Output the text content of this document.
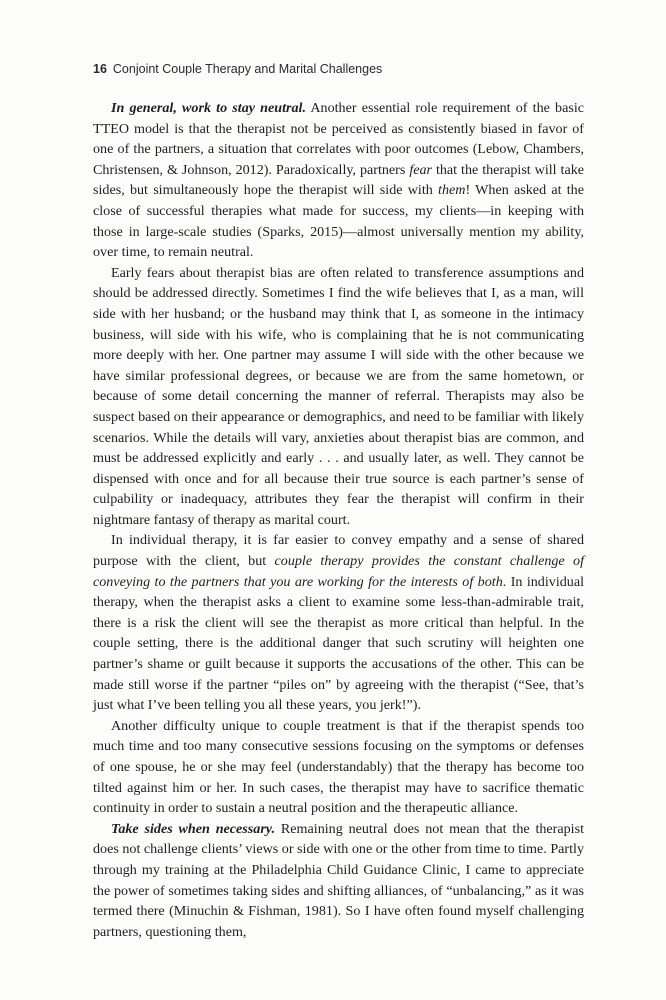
16 Conjoint Couple Therapy and Marital Challenges

In general, work to stay neutral. Another essential role requirement of the basic TTEO model is that the therapist not be perceived as consistently biased in favor of one of the partners, a situation that correlates with poor outcomes (Lebow, Chambers, Christensen, & Johnson, 2012). Paradoxically, partners fear that the therapist will take sides, but simultaneously hope the therapist will side with them! When asked at the close of successful therapies what made for success, my clients—in keeping with those in large-scale studies (Sparks, 2015)—almost universally mention my ability, over time, to remain neutral.

Early fears about therapist bias are often related to transference assumptions and should be addressed directly. Sometimes I find the wife believes that I, as a man, will side with her husband; or the husband may think that I, as someone in the intimacy business, will side with his wife, who is complaining that he is not communicating more deeply with her. One partner may assume I will side with the other because we have similar professional degrees, or because we are from the same hometown, or because of some detail concerning the manner of referral. Therapists may also be suspect based on their appearance or demographics, and need to be familiar with likely scenarios. While the details will vary, anxieties about therapist bias are common, and must be addressed explicitly and early . . . and usually later, as well. They cannot be dispensed with once and for all because their true source is each partner’s sense of culpability or inadequacy, attributes they fear the therapist will confirm in their nightmare fantasy of therapy as marital court.

In individual therapy, it is far easier to convey empathy and a sense of shared purpose with the client, but couple therapy provides the constant challenge of conveying to the partners that you are working for the interests of both. In individual therapy, when the therapist asks a client to examine some less-than-admirable trait, there is a risk the client will see the therapist as more critical than helpful. In the couple setting, there is the additional danger that such scrutiny will heighten one partner’s shame or guilt because it supports the accusations of the other. This can be made still worse if the partner “piles on” by agreeing with the therapist (“See, that’s just what I’ve been telling you all these years, you jerk!”).

Another difficulty unique to couple treatment is that if the therapist spends too much time and too many consecutive sessions focusing on the symptoms or defenses of one spouse, he or she may feel (understandably) that the therapy has become too tilted against him or her. In such cases, the therapist may have to sacrifice thematic continuity in order to sustain a neutral position and the therapeutic alliance.

Take sides when necessary. Remaining neutral does not mean that the therapist does not challenge clients’ views or side with one or the other from time to time. Partly through my training at the Philadelphia Child Guidance Clinic, I came to appreciate the power of sometimes taking sides and shifting alliances, of “unbalancing,” as it was termed there (Minuchin & Fishman, 1981). So I have often found myself challenging partners, questioning them,
